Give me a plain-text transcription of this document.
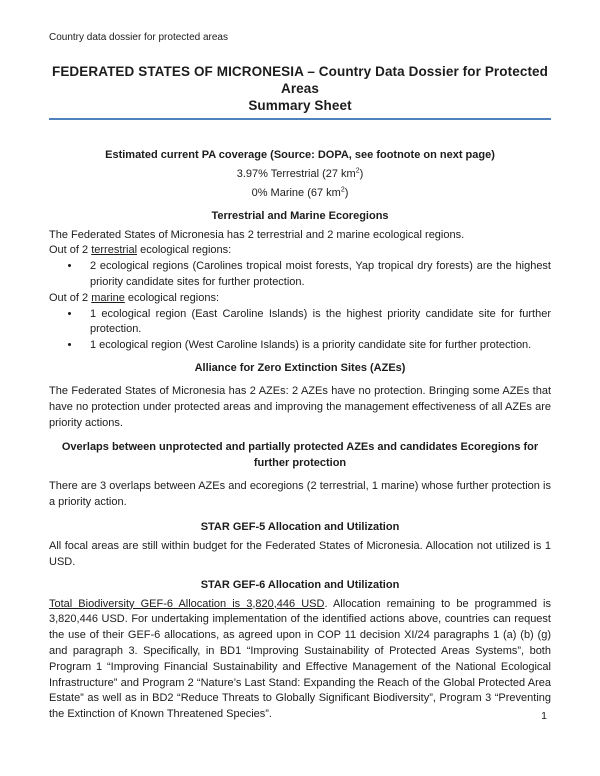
Country data dossier for protected areas
FEDERATED STATES OF MICRONESIA – Country Data Dossier for Protected Areas
Summary Sheet
Estimated current PA coverage (Source: DOPA, see footnote on next page)

3.97% Terrestrial (27 $km^2$)

0% Marine (67 $km^2$)

Terrestrial and Marine Ecoregions

The Federated States of Micronesia has 2 terrestrial and 2 marine ecological regions.

Out of 2 terrestrial ecological regions:

• 2 ecological regions (Carolines tropical moist forests, Yap tropical dry forests) are the highest priority candidate sites for further protection.

Out of 2 marine ecological regions:

• 1 ecological region (East Caroline Islands) is the highest priority candidate site for further protection.
• 1 ecological region (West Caroline Islands) is a priority candidate site for further protection.
Alliance for Zero Extinction Sites (AZEs)

The Federated States of Micronesia has 2 AZEs: 2 AZEs have no protection. Bringing some AZEs that have no protection under protected areas and improving the management effectiveness of all AZEs are priority actions.

Overlaps between unprotected and partially protected AZEs and candidates Ecoregions for further protection

There are 3 overlaps between AZEs and ecoregions (2 terrestrial, 1 marine) whose further protection is a priority action.

STAR GEF-5 Allocation and Utilization

All focal areas are still within budget for the Federated States of Micronesia. Allocation not utilized is 1 USD.

STAR GEF-6 Allocation and Utilization

Total Biodiversity GEF-6 Allocation is 3,820,446 USD. Allocation remaining to be programmed is 3,820,446 USD. For undertaking implementation of the identified actions above, countries can request the use of their GEF-6 allocations, as agreed upon in COP 11 decision XI/24 paragraphs 1 (a) (b) (g) and paragraph 3. Specifically, in BD1 “Improving Sustainability of Protected Areas Systems”, both Program 1 “Improving Financial Sustainability and Effective Management of the National Ecological Infrastructure” and Program 2 “Nature’s Last Stand: Expanding the Reach of the Global Protected Area Estate” as well as in BD2 “Reduce Threats to Globally Significant Biodiversity”, Program 3 “Preventing the Extinction of Known Threatened Species”.	1
